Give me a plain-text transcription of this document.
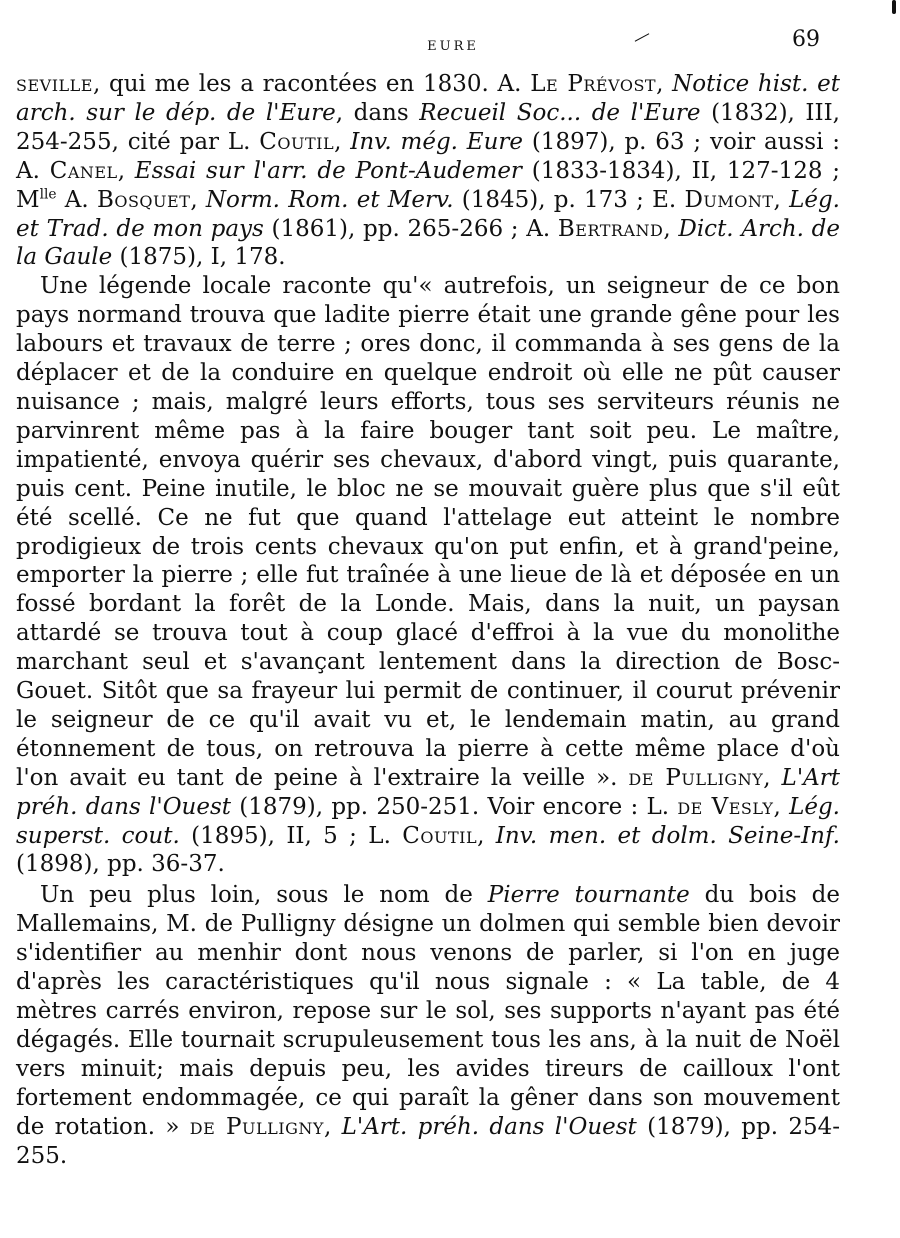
EURE	69

seville, qui me les a racontées en 1830. A. Le Prévost, Notice hist. et arch. sur le dép. de l'Eure, dans Recueil Soc... de l'Eure (1832), III, 254-255, cité par L. Coutil, Inv. még. Eure (1897), p. 63 ; voir aussi : A. Canel, Essai sur l'arr. de Pont-Audemer (1833-1834), II, 127-128 ; $M^{lle}$ A. Bosquet, Norm. Rom. et Merv. (1845), p. 173 ; E. Dumont, Lég. et Trad. de mon pays (1861), pp. 265-266 ; A. Bertrand, Dict. Arch. de la Gaule (1875), I, 178.

Une légende locale raconte qu'« autrefois, un seigneur de ce bon pays normand trouva que ladite pierre était une grande gêne pour les labours et travaux de terre ; ores donc, il commanda à ses gens de la déplacer et de la conduire en quelque endroit où elle ne pût causer nuisance ; mais, malgré leurs efforts, tous ses serviteurs réunis ne parvinrent même pas à la faire bouger tant soit peu. Le maître, impatienté, envoya quérir ses chevaux, d'abord vingt, puis quarante, puis cent. Peine inutile, le bloc ne se mouvait guère plus que s'il eût été scellé. Ce ne fut que quand l'attelage eut atteint le nombre prodigieux de trois cents chevaux qu'on put enfin, et à grand'peine, emporter la pierre ; elle fut traînée à une lieue de là et déposée en un fossé bordant la forêt de la Londe. Mais, dans la nuit, un paysan attardé se trouva tout à coup glacé d'effroi à la vue du monolithe marchant seul et s'avançant lentement dans la direction de Bosc-Gouet. Sitôt que sa frayeur lui permit de continuer, il courut prévenir le seigneur de ce qu'il avait vu et, le lendemain matin, au grand étonnement de tous, on retrouva la pierre à cette même place d'où l'on avait eu tant de peine à l'extraire la veille ». de Pulligny, L'Art préh. dans l'Ouest (1879), pp. 250-251. Voir encore : L. de Vesly, Lég. superst. cout. (1895), II, 5 ; L. Coutil, Inv. men. et dolm. Seine-Inf. (1898), pp. 36-37.

Un peu plus loin, sous le nom de Pierre tournante du bois de Mallemains, M. de Pulligny désigne un dolmen qui semble bien devoir s'identifier au menhir dont nous venons de parler, si l'on en juge d'après les caractéristiques qu'il nous signale : « La table, de 4 mètres carrés environ, repose sur le sol, ses supports n'ayant pas été dégagés. Elle tournait scrupuleusement tous les ans, à la nuit de Noël vers minuit; mais depuis peu, les avides tireurs de cailloux l'ont fortement endommagée, ce qui paraît la gêner dans son mouvement de rotation. » de Pulligny, L'Art. préh. dans l'Ouest (1879), pp. 254-255.
